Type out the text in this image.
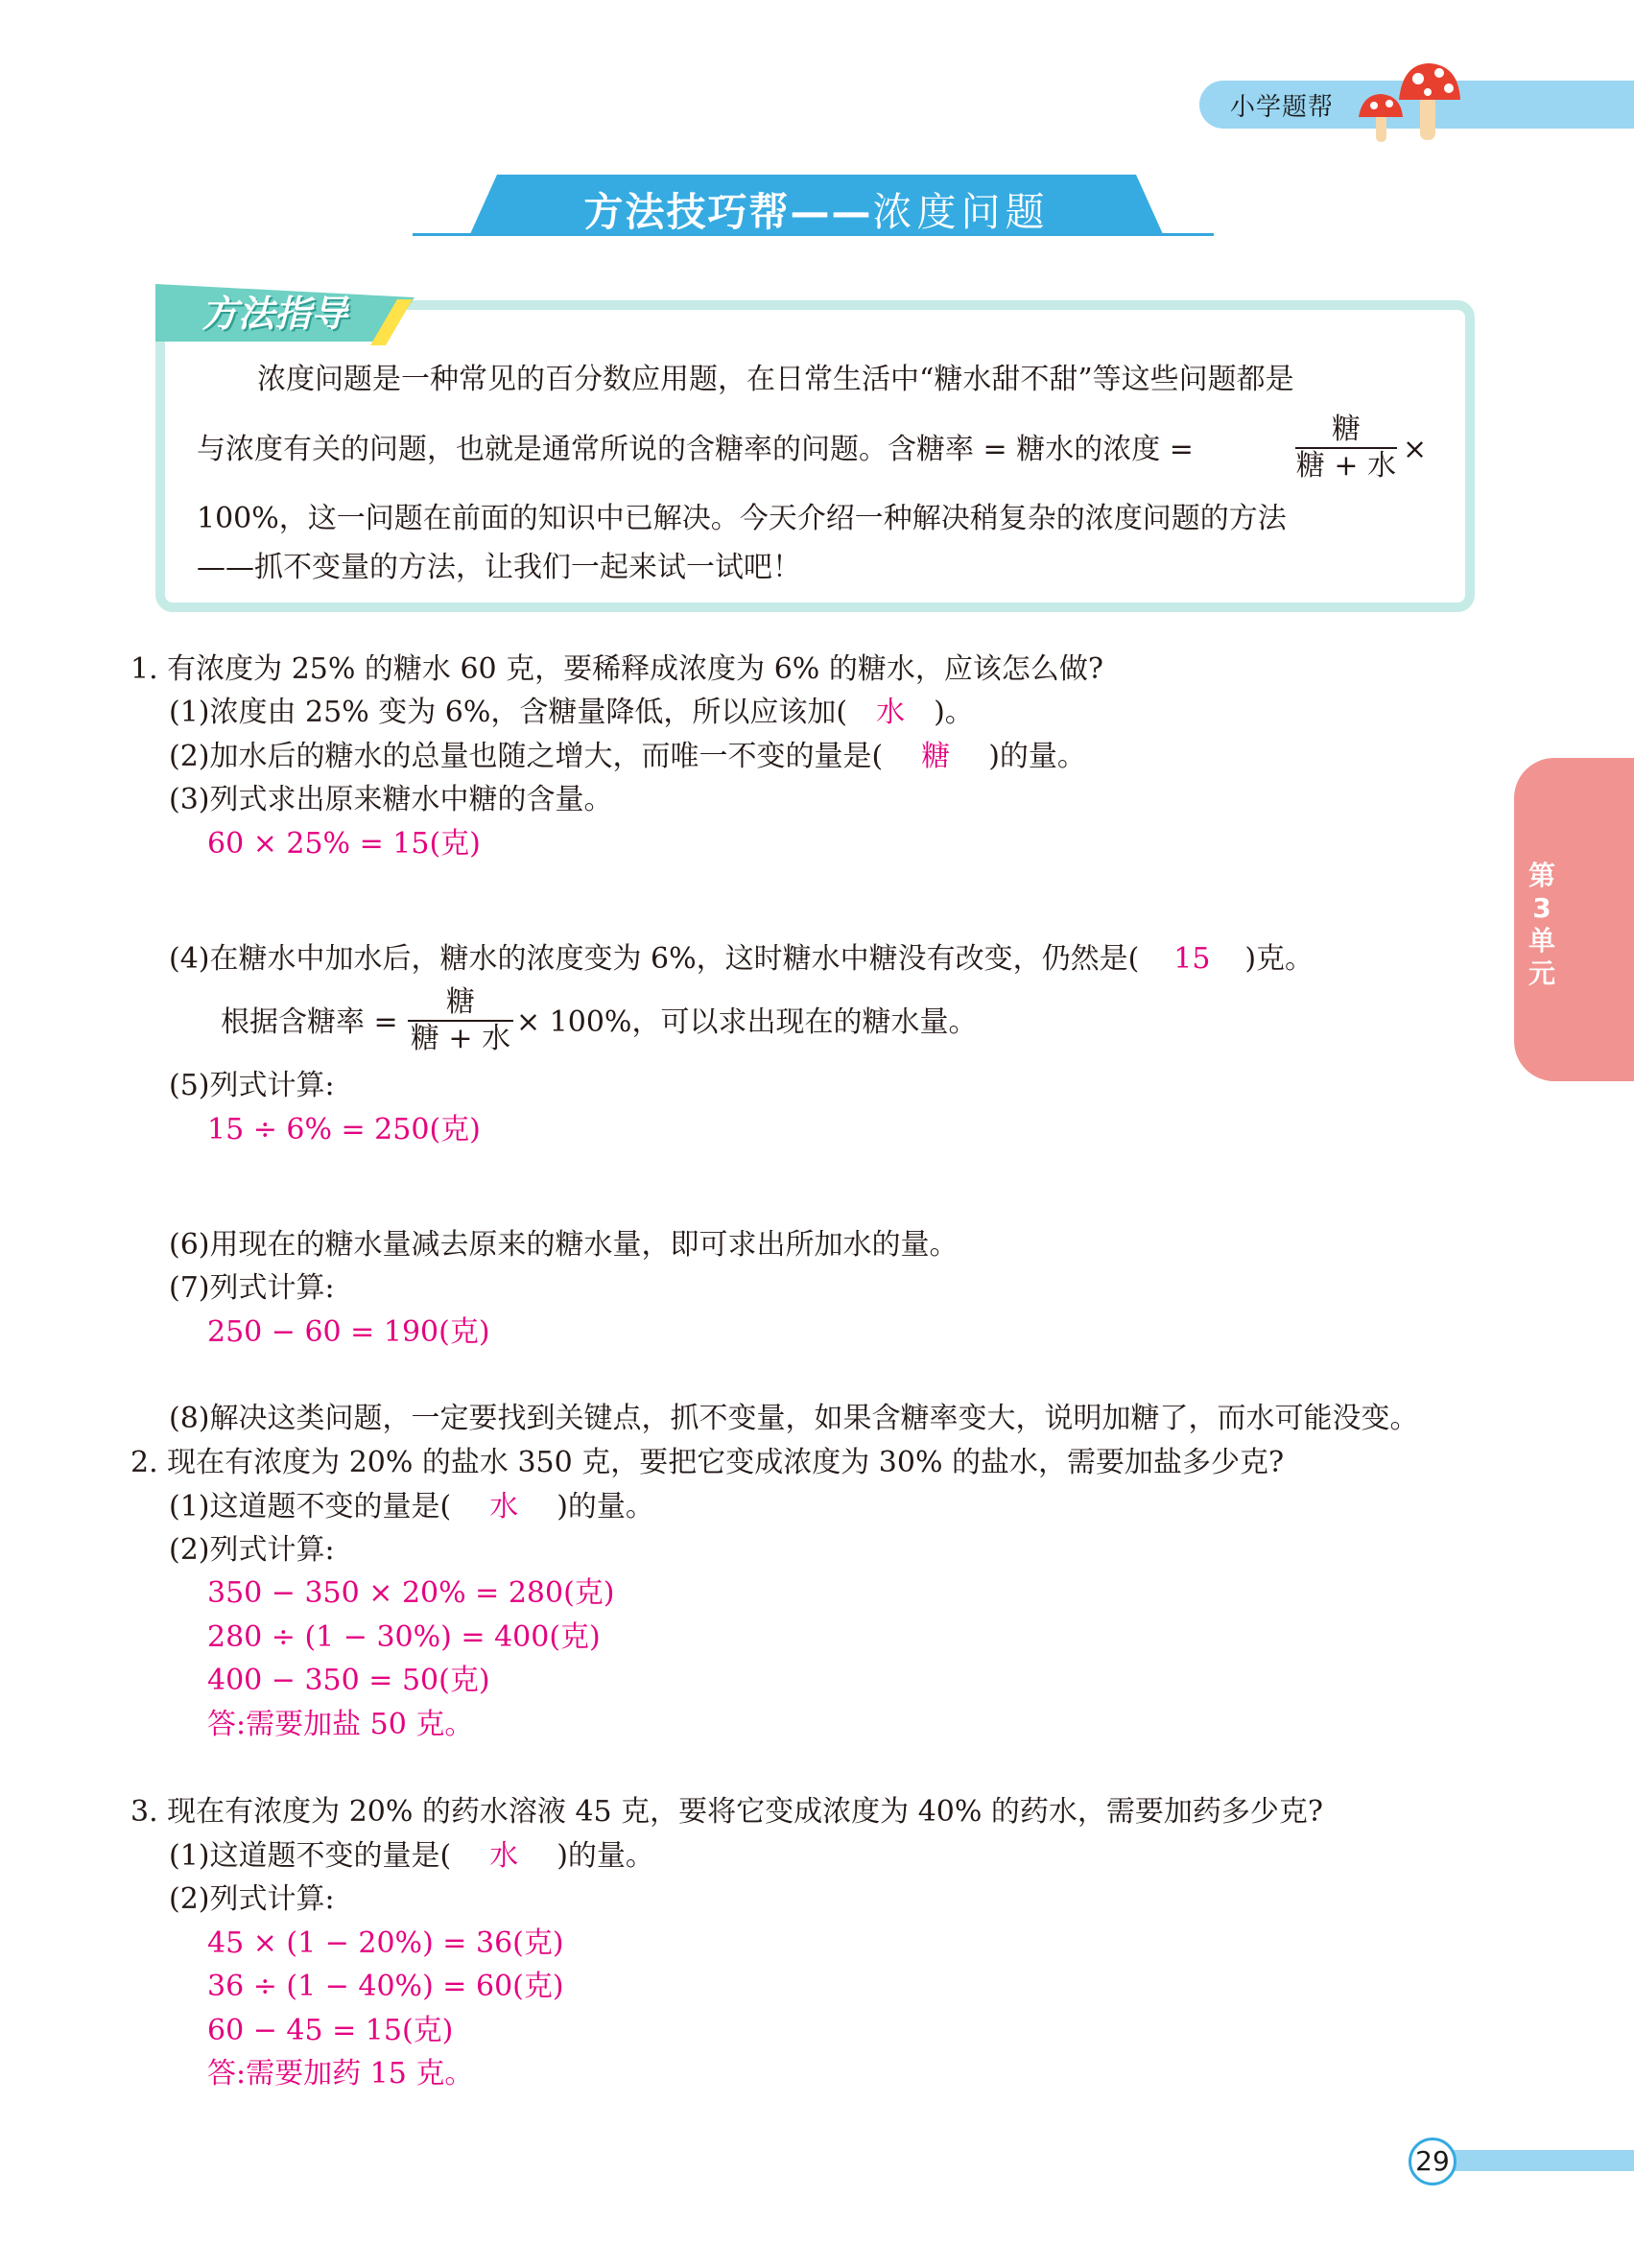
小学题帮
方法技巧帮——浓度问题
方法指导
浓度问题是一种常见的百分数应用题，在日常生活中“糖水甜不甜”等这些问题都是
与浓度有关的问题，也就是通常所说的含糖率的问题。含糖率 = 糖水的浓度 =
糖
糖 + 水 ×
100%，这一问题在前面的知识中已解决。今天介绍一种解决稍复杂的浓度问题的方法
——抓不变量的方法，让我们一起来试一试吧！
1. 有浓度为 25% 的糖水 60 克，要稀释成浓度为 6% 的糖水，应该怎么做?
(1)浓度由 25% 变为 6%，含糖量降低，所以应该加( 水 )。
(2)加水后的糖水的总量也随之增大，而唯一不变的量是( 糖 )的量。
(3)列式求出原来糖水中糖的含量。
60 × 25% = 15(克)
(4)在糖水中加水后，糖水的浓度变为 6%，这时糖水中糖没有改变，仍然是( 15 )克。
根据含糖率 =
糖
糖 + 水 × 100%，可以求出现在的糖水量。
(5)列式计算:
15 ÷ 6% = 250(克)
(6)用现在的糖水量减去原来的糖水量，即可求出所加水的量。
(7)列式计算:
250 − 60 = 190(克)
(8)解决这类问题，一定要找到关键点，抓不变量，如果含糖率变大，说明加糖了，而水可能没变。
2. 现在有浓度为 20% 的盐水 350 克，要把它变成浓度为 30% 的盐水，需要加盐多少克?
(1)这道题不变的量是( 水 )的量。
(2)列式计算:
350 − 350 × 20% = 280(克)
280 ÷ (1 − 30%) = 400(克)
400 − 350 = 50(克)
答:需要加盐 50 克。
3. 现在有浓度为 20% 的药水溶液 45 克，要将它变成浓度为 40% 的药水，需要加药多少克?
(1)这道题不变的量是( 水 )的量。
(2)列式计算:
45 × (1 − 20%) = 36(克)
36 ÷ (1 − 40%) = 60(克)
60 − 45 = 15(克)
答:需要加药 15 克。
第3单元
29
